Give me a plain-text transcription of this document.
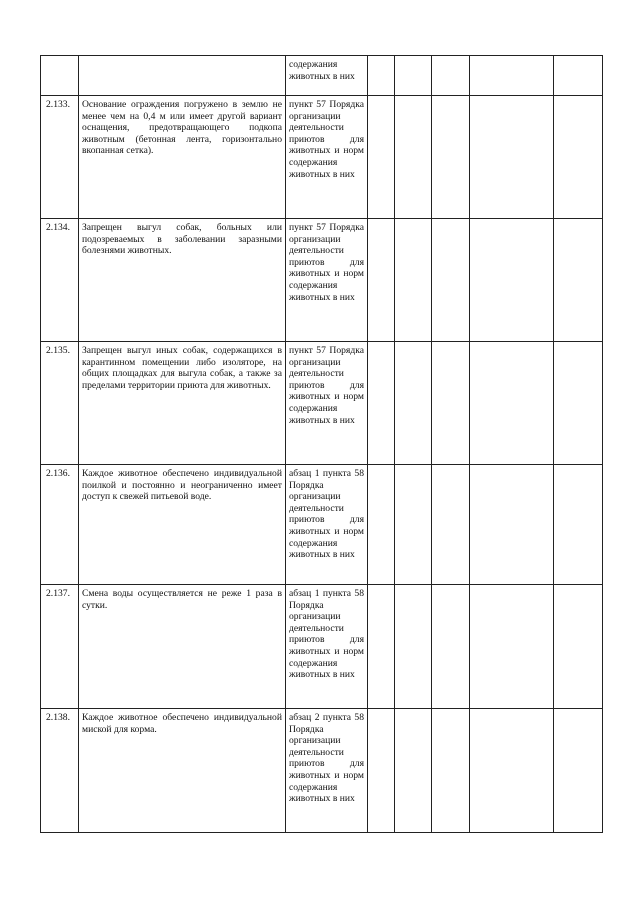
		содержания
животных в них					

2.133.	Основание ограждения погружено в землю не менее чем на 0,4 м или имеет другой вариант оснащения, предотвращающего подкопа животным (бетонная лента, горизонтально вкопанная сетка).	пункт 57 Порядка организации деятельности приютов для животных и норм содержания животных в них					

2.134.	Запрещен выгул собак, больных или подозреваемых в заболевании заразными болезнями животных.	пункт 57 Порядка организации деятельности приютов для животных и норм содержания животных в них					

2.135.	Запрещен выгул иных собак, содержащихся в карантинном помещении либо изоляторе, на общих площадках для выгула собак, а также за пределами территории приюта для животных.	пункт 57 Порядка организации деятельности приютов для животных и норм содержания животных в них					

2.136.	Каждое животное обеспечено индивидуальной поилкой и постоянно и неограниченно имеет доступ к свежей питьевой воде.	абзац 1 пункта 58 Порядка организации деятельности приютов для животных и норм содержания животных в них					

2.137.	Смена воды осуществляется не реже 1 раза в сутки.	абзац 1 пункта 58 Порядка организации деятельности приютов для животных и норм содержания животных в них					

2.138.	Каждое животное обеспечено индивидуальной миской для корма.	абзац 2 пункта 58 Порядка организации деятельности приютов для животных и норм содержания животных в них					
